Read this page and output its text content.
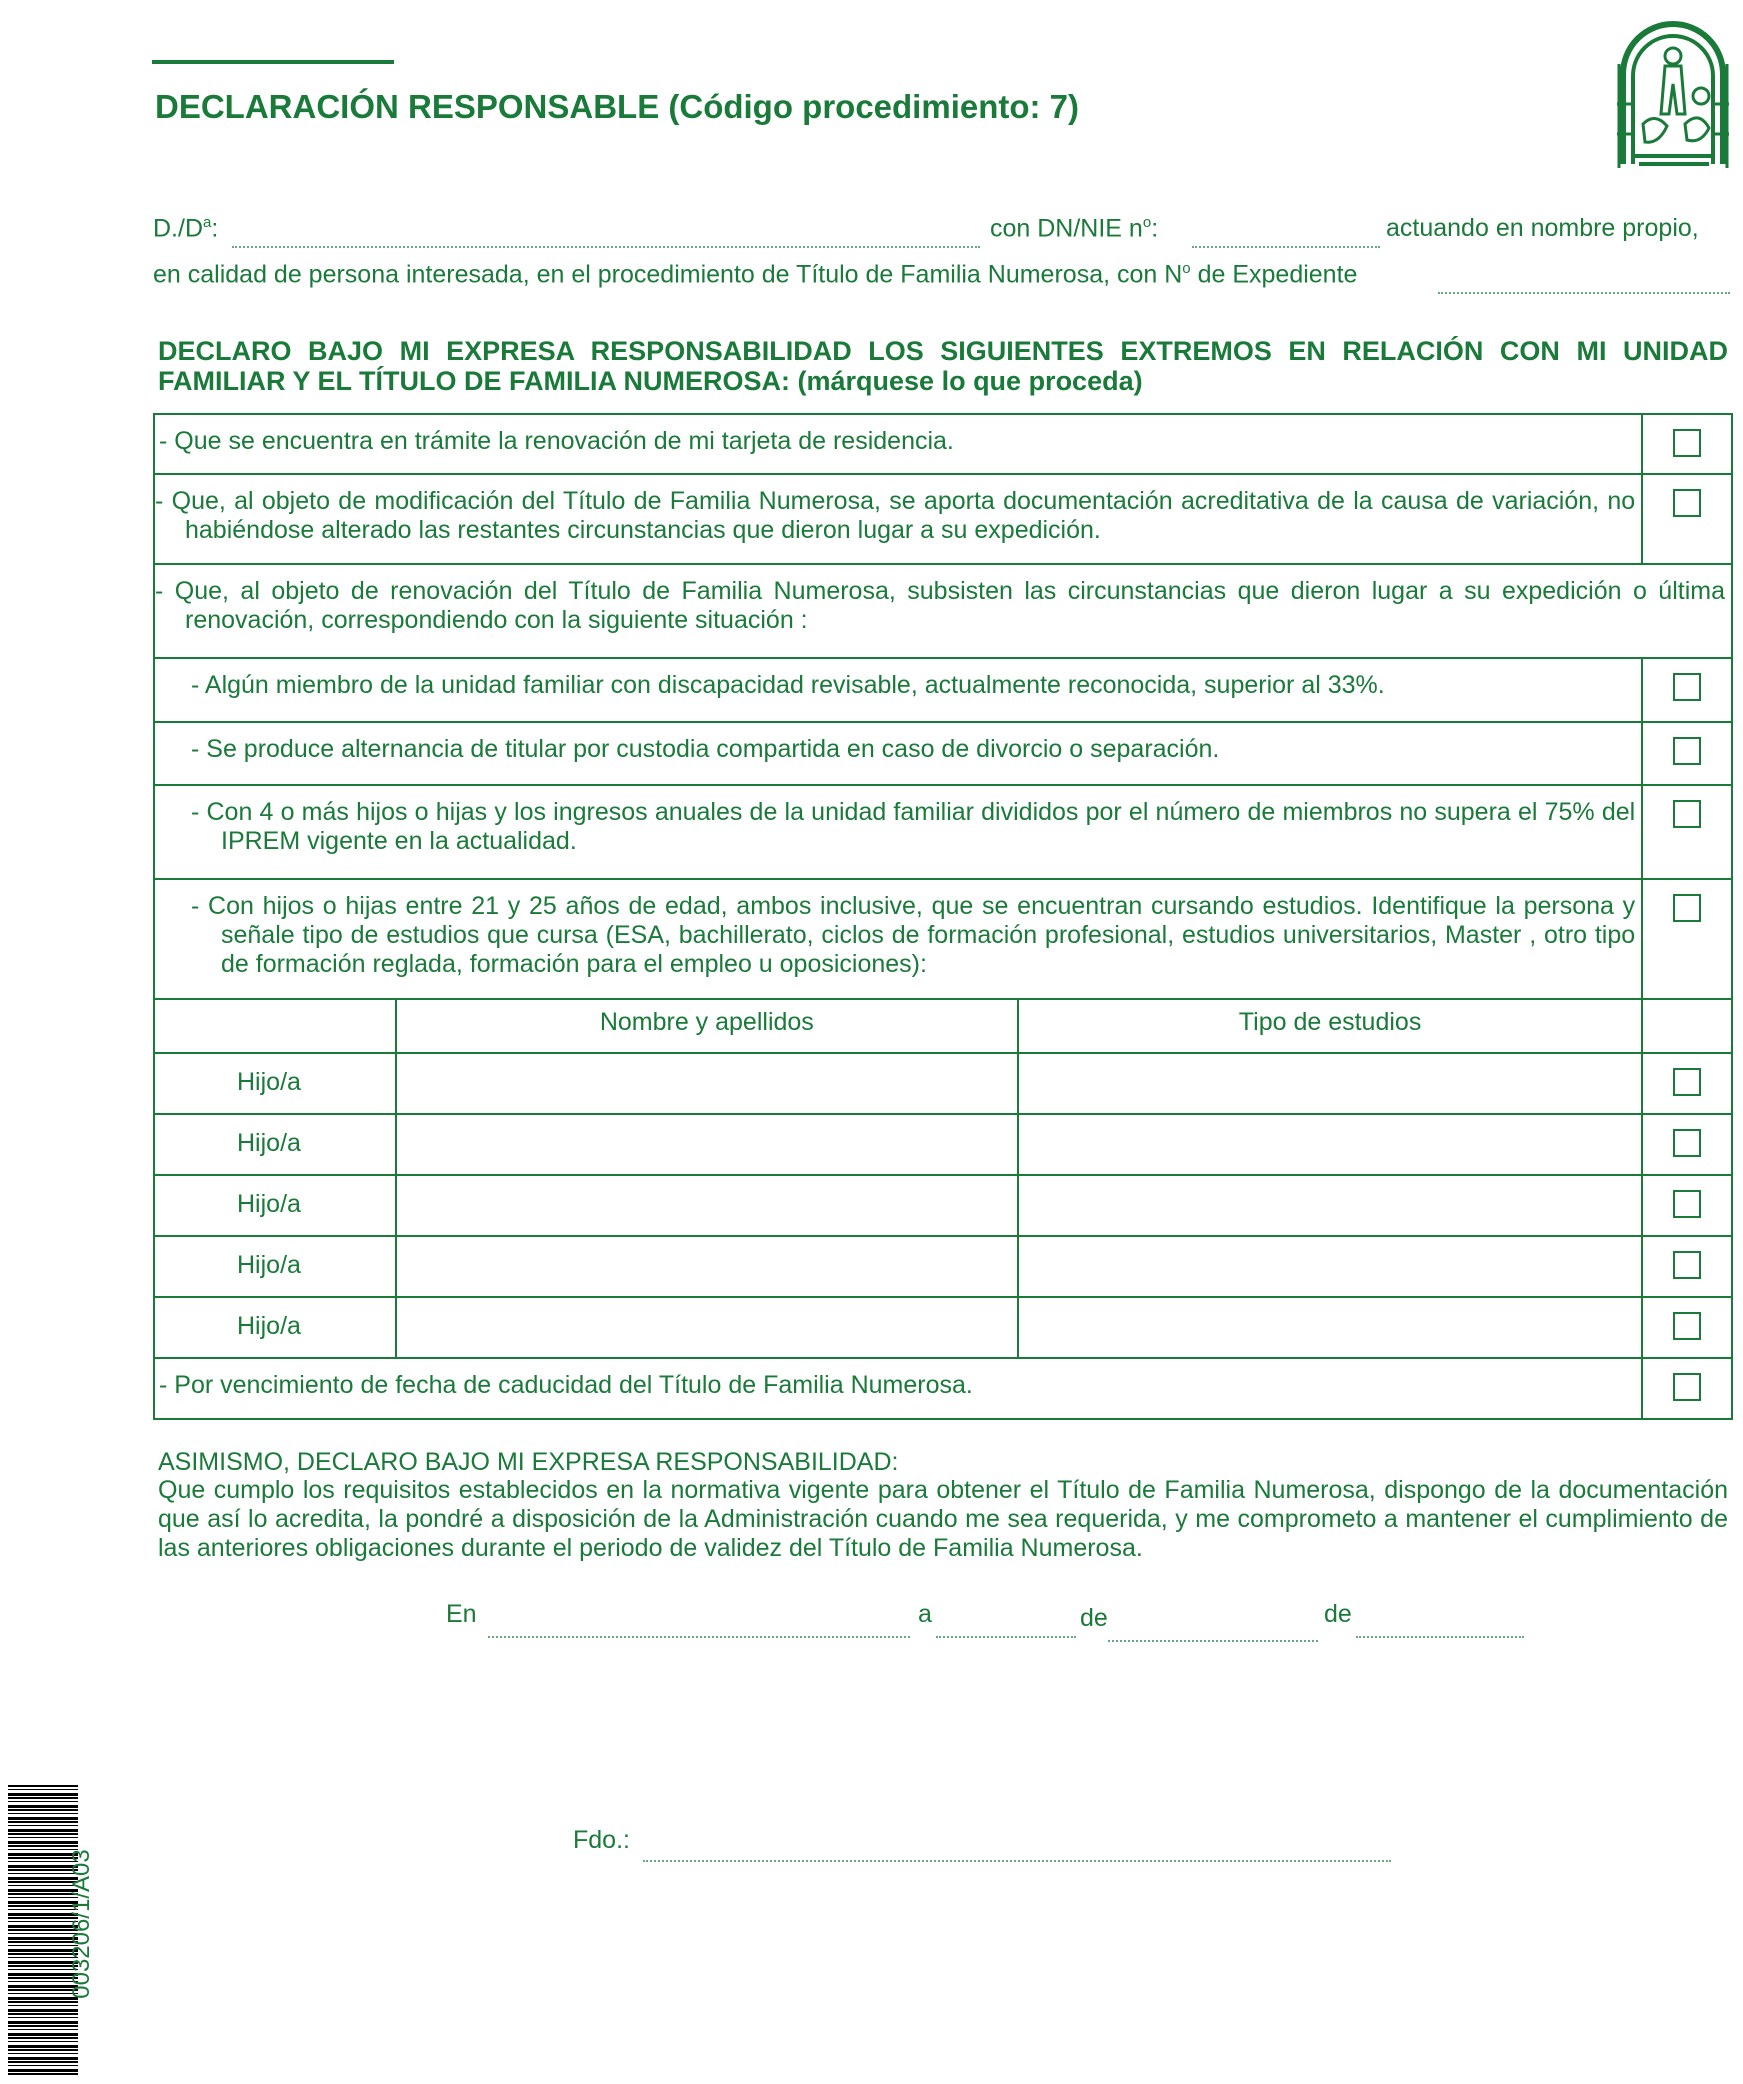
DECLARACIÓN RESPONSABLE (Código procedimiento: 7)
$D./D^a$:	con DN/NIE $n^o$:	actuando en nombre propio,
en calidad de persona interesada, en el procedimiento de Título de Familia Numerosa, con $N^o$ de Expediente
DECLARO BAJO MI EXPRESA RESPONSABILIDAD LOS SIGUIENTES EXTREMOS EN RELACIÓN CON MI UNIDAD
FAMILIAR Y EL TÍTULO DE FAMILIA NUMEROSA: (márquese lo que proceda)
- Que se encuentra en trámite la renovación de mi tarjeta de residencia.			

- Que, al objeto de modificación del Título de Familia Numerosa, se aporta documentación acreditativa de la causa de variación, no habiéndose alterado las restantes circunstancias que dieron lugar a su expedición.			

- Que, al objeto de renovación del Título de Familia Numerosa, subsisten las circunstancias que dieron lugar a su expedición o última renovación, correspondiendo con la siguiente situación :			

- Algún miembro de la unidad familiar con discapacidad revisable, actualmente reconocida, superior al 33%.			

- Se produce alternancia de titular por custodia compartida en caso de divorcio o separación.			

- Con 4 o más hijos o hijas y los ingresos anuales de la unidad familiar divididos por el número de miembros no supera el 75% del IPREM vigente en la actualidad.			

- Con hijos o hijas entre 21 y 25 años de edad, ambos inclusive, que se encuentran cursando estudios. Identifique la persona y señale tipo de estudios que cursa (ESA, bachillerato, ciclos de formación profesional, estudios universitarios, Master , otro tipo de formación reglada, formación para el empleo u oposiciones):			

	Nombre y apellidos	Tipo de estudios	

Hijo/a			

Hijo/a			

Hijo/a			

Hijo/a			

Hijo/a			

- Por vencimiento de fecha de caducidad del Título de Familia Numerosa.			

ASIMISMO, DECLARO BAJO MI EXPRESA RESPONSABILIDAD:
Que cumplo los requisitos establecidos en la normativa vigente para obtener el Título de Familia Numerosa, dispongo de la documentación que así lo acredita, la pondré a disposición de la Administración cuando me sea requerida, y me comprometo a mantener el cumplimiento de las anteriores obligaciones durante el periodo de validez del Título de Familia Numerosa.
En	a	de	de
Fdo.:
003206/1/A03
